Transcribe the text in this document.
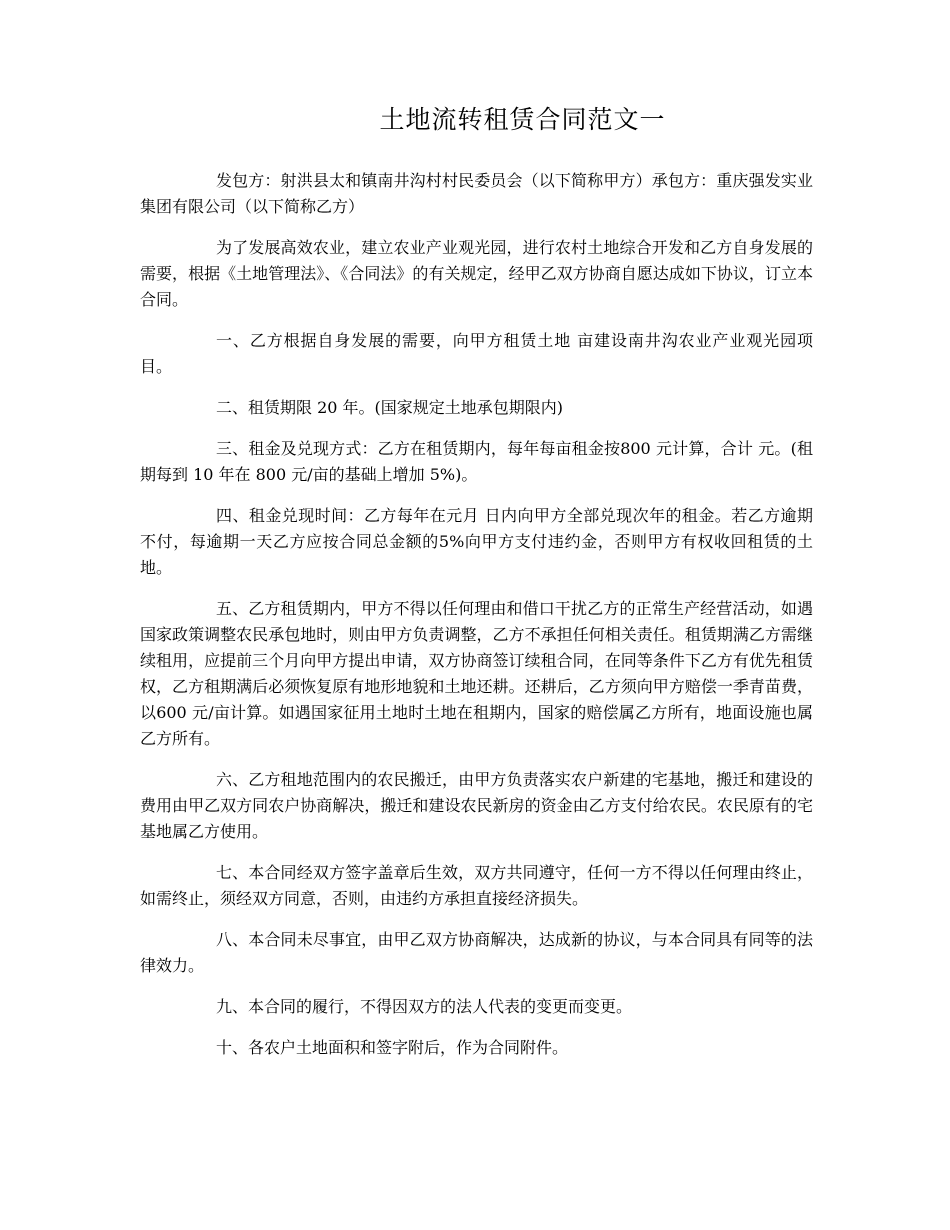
土地流转租赁合同范文一

发包方：射洪县太和镇南井沟村村民委员会（以下简称甲方）承包方：重庆强发实业集团有限公司（以下简称乙方）

为了发展高效农业，建立农业产业观光园，进行农村土地综合开发和乙方自身发展的需要，根据《土地管理法》、《合同法》的有关规定，经甲乙双方协商自愿达成如下协议，订立本合同。

一、乙方根据自身发展的需要，向甲方租赁土地 亩建设南井沟农业产业观光园项目。

二、租赁期限 20 年。(国家规定土地承包期限内)

三、租金及兑现方式：乙方在租赁期内，每年每亩租金按800 元计算，合计 元。(租期每到 10 年在 800 元/亩的基础上增加 5%)。

四、租金兑现时间：乙方每年在元月 日内向甲方全部兑现次年的租金。若乙方逾期不付，每逾期一天乙方应按合同总金额的5%向甲方支付违约金，否则甲方有权收回租赁的土地。

五、乙方租赁期内，甲方不得以任何理由和借口干扰乙方的正常生产经营活动，如遇国家政策调整农民承包地时，则由甲方负责调整，乙方不承担任何相关责任。租赁期满乙方需继续租用，应提前三个月向甲方提出申请，双方协商签订续租合同，在同等条件下乙方有优先租赁权，乙方租期满后必须恢复原有地形地貌和土地还耕。还耕后，乙方须向甲方赔偿一季青苗费，以600 元/亩计算。如遇国家征用土地时土地在租期内，国家的赔偿属乙方所有，地面设施也属乙方所有。

六、乙方租地范围内的农民搬迁，由甲方负责落实农户新建的宅基地，搬迁和建设的费用由甲乙双方同农户协商解决，搬迁和建设农民新房的资金由乙方支付给农民。农民原有的宅基地属乙方使用。

七、本合同经双方签字盖章后生效，双方共同遵守，任何一方不得以任何理由终止，如需终止，须经双方同意，否则，由违约方承担直接经济损失。

八、本合同未尽事宜，由甲乙双方协商解决，达成新的协议，与本合同具有同等的法律效力。

九、本合同的履行，不得因双方的法人代表的变更而变更。

十、各农户土地面积和签字附后，作为合同附件。
